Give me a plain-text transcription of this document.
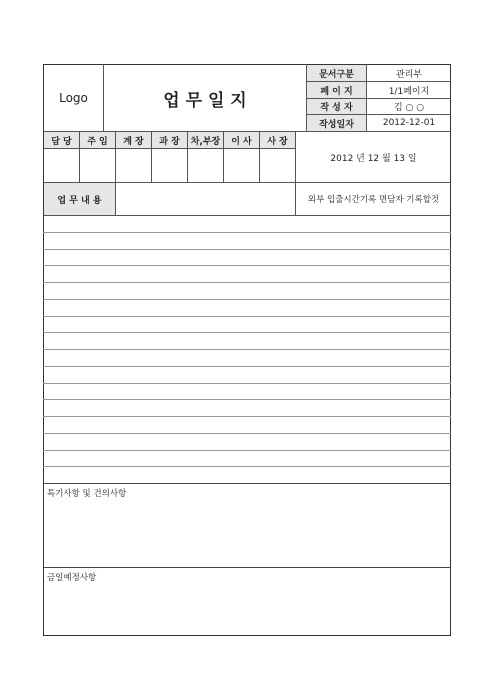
Logo	업 무 일 지
문서구분	관리부
페 이 지	1/1페이지
작 성 자	김 ○ ○
작성일자	2012-12-01
담 당	주 임	계 장	과 장	차,부장	이 사	사 장
2012 년 12 월 13 일
업 무 내 용	외부 입출시간기록 면담자 기록할것
특기사항 및 건의사항
금일예정사항
